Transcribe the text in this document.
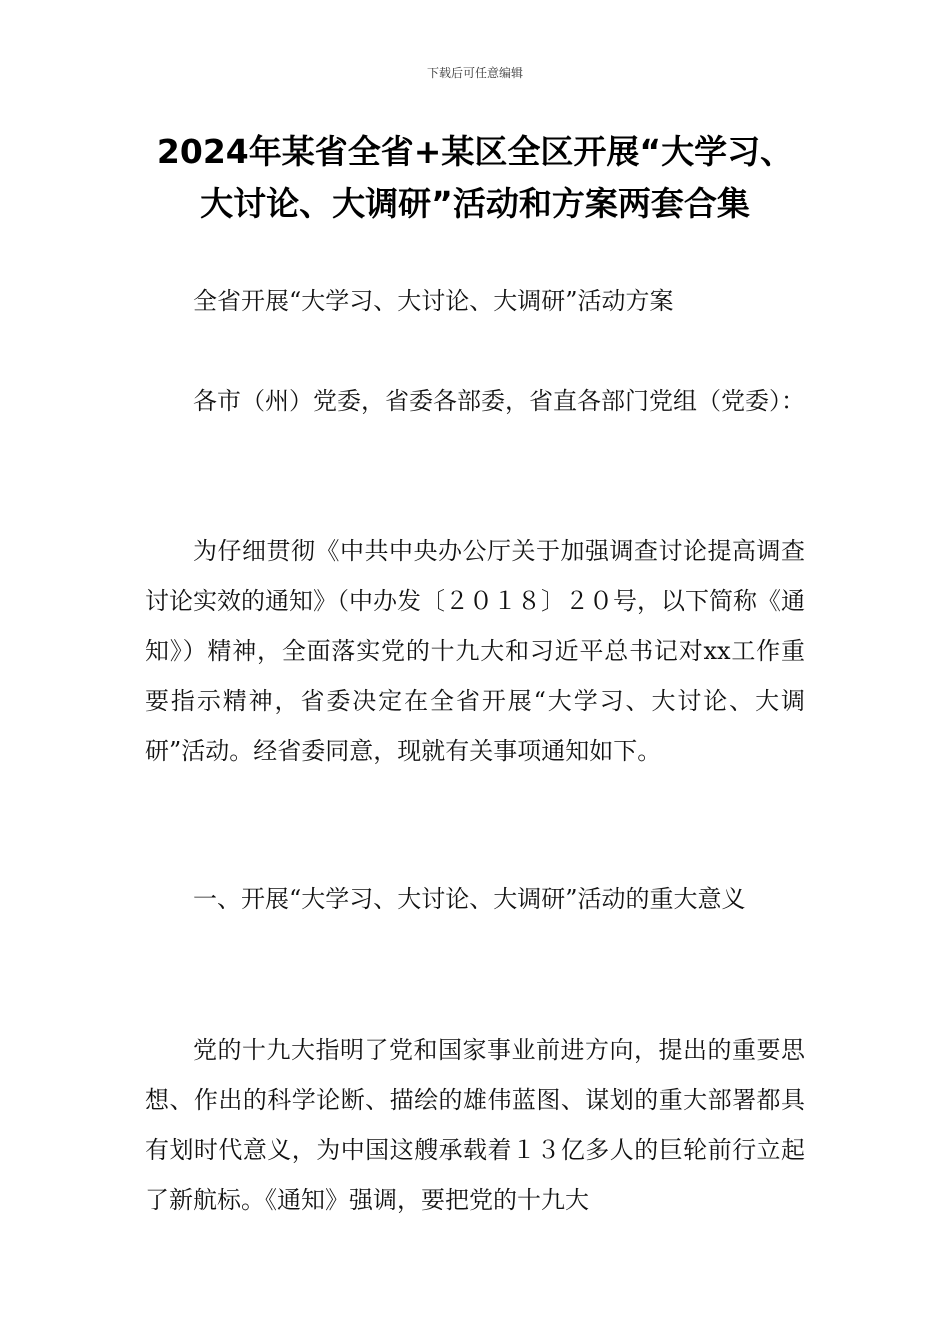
下载后可任意编辑
2024年某省全省+某区全区开展“大学习、
大讨论、大调研”活动和方案两套合集

全省开展“大学习、大讨论、大调研”活动方案

各市（州）党委，省委各部委，省直各部门党组（党委）：

为仔细贯彻《中共中央办公厅关于加强调查讨论提高调查讨论实效的通知》（中办发〔２０１８〕２０号，以下简称《通知》）精神，全面落实党的十九大和习近平总书记对xx工作重要指示精神，省委决定在全省开展“大学习、大讨论、大调研”活动。经省委同意，现就有关事项通知如下。

一、开展“大学习、大讨论、大调研”活动的重大意义

党的十九大指明了党和国家事业前进方向，提出的重要思想、作出的科学论断、描绘的雄伟蓝图、谋划的重大部署都具有划时代意义，为中国这艘承载着１３亿多人的巨轮前行立起了新航标。《通知》强调，要把党的十九大
